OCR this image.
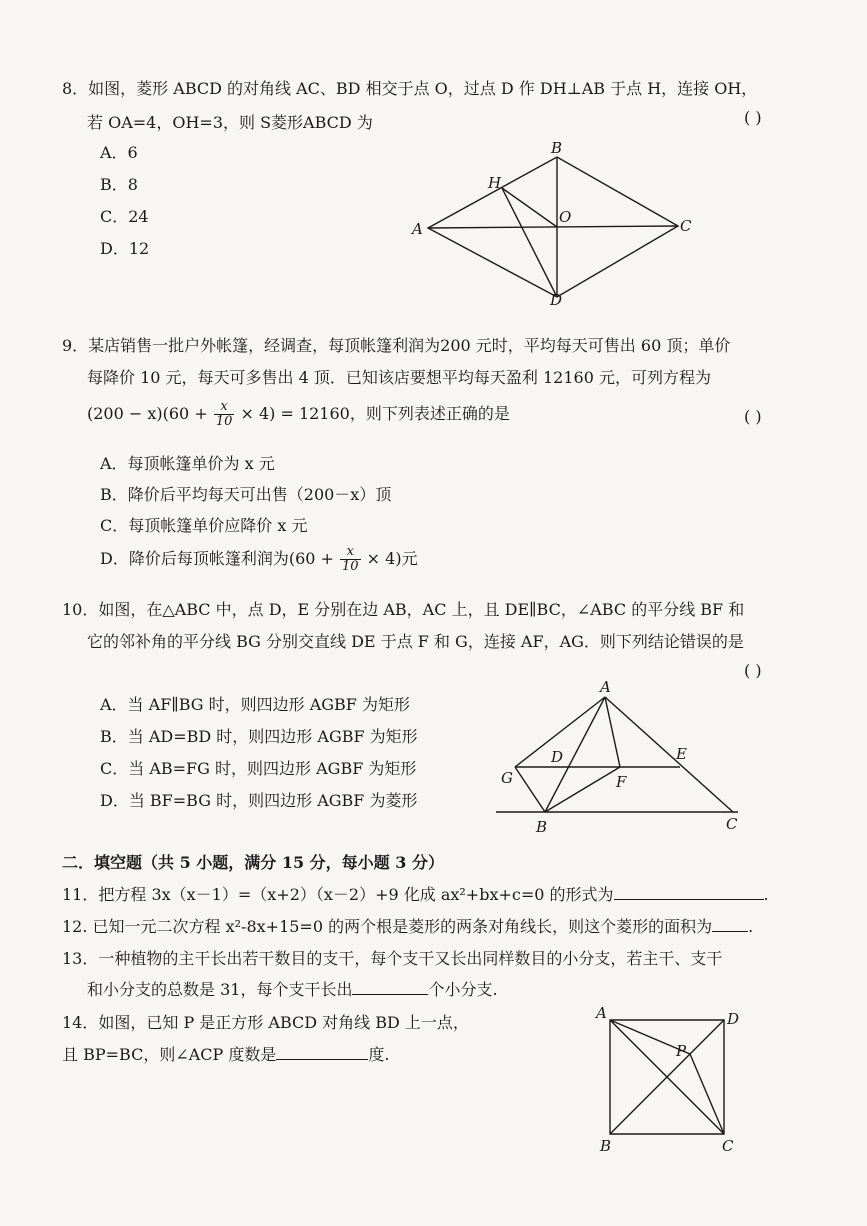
8．如图，菱形 ABCD 的对角线 AC、BD 相交于点 O，过点 D 作 DH⊥AB 于点 H，连接 OH，
若 OA=4，OH=3，则 S菱形ABCD 为	( )
A．6
B．8
C．24
D．12
A
B
C
D
H
O
9．某店销售一批户外帐篷，经调查，每顶帐篷利润为200 元时，平均每天可售出 60 顶；单价
每降价 10 元，每天可多售出 4 顶．已知该店要想平均每天盈利 12160 元，可列方程为
$(200 - x)(60 + \frac{x}{10} \times 4) = 12160$，则下列表述正确的是	( )
A．每顶帐篷单价为 x 元
B．降价后平均每天可出售（200－x）顶
C．每顶帐篷单价应降价 x 元
D．降价后每顶帐篷利润为$(60 + \frac{x}{10} \times 4)$元
10．如图，在△ABC 中，点 D，E 分别在边 AB，AC 上，且 DE∥BC，∠ABC 的平分线 BF 和
它的邻补角的平分线 BG 分别交直线 DE 于点 F 和 G，连接 AF，AG．则下列结论错误的是
( )
A．当 AF∥BG 时，则四边形 AGBF 为矩形
B．当 AD=BD 时，则四边形 AGBF 为矩形
C．当 AB=FG 时，则四边形 AGBF 为矩形
D．当 BF=BG 时，则四边形 AGBF 为菱形
A
B	C
D	E
F
G
二．填空题（共 5 小题，满分 15 分，每小题 3 分）
11．把方程 3x（x－1）=（x+2）（x－2）+9 化成 ax²+bx+c=0 的形式为	.
12. 已知一元二次方程 x²-8x+15=0 的两个根是菱形的两条对角线长，则这个菱形的面积为 .
13．一种植物的主干长出若干数目的支干，每个支干又长出同样数目的小分支，若主干、支干
和小分支的总数是 31，每个支干长出	个小分支.
14．如图，已知 P 是正方形 ABCD 对角线 BD 上一点，
且 BP=BC，则∠ACP 度数是	度.
A
B	C
D
P
